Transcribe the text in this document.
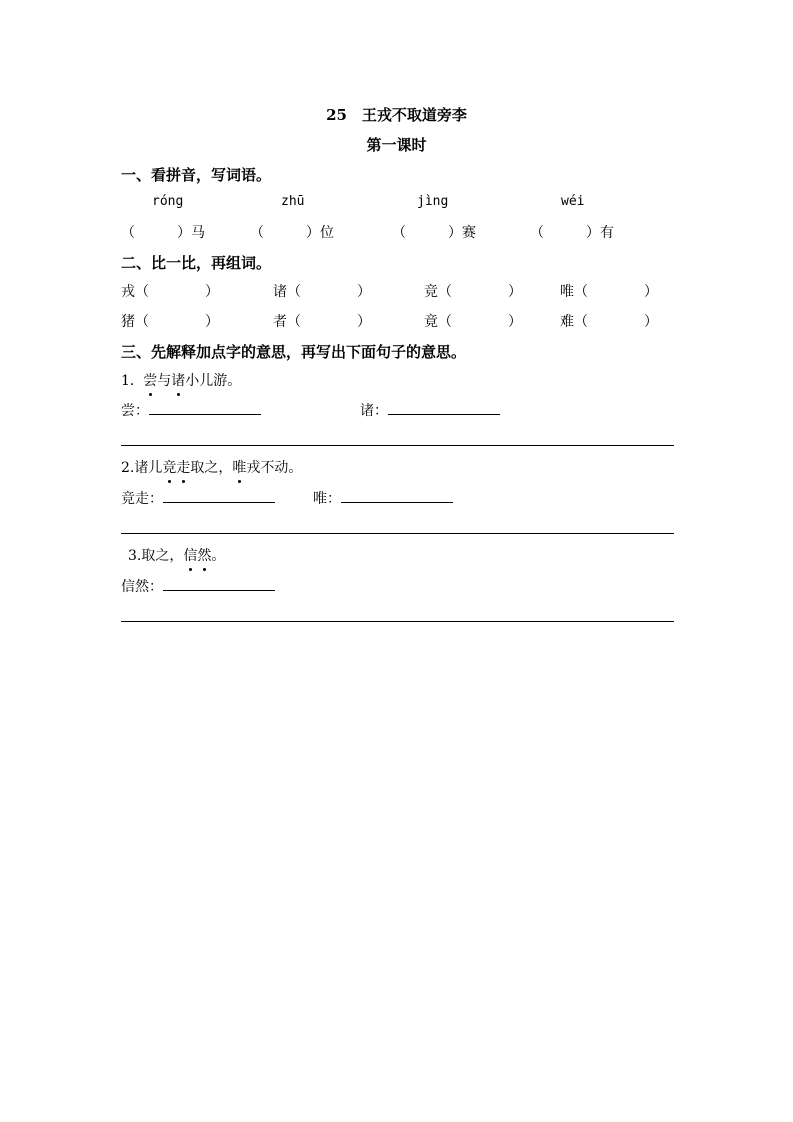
25　王戎不取道旁李
第一课时
一、看拼音，写词语。
róng	zhū	jìng	wéi
（　　　）马	（　　　）位	（　　　）赛	（　　　）有
二、比一比，再组词。
戎（　　　　）	诸（　　　　）	竞（　　　　）	唯（　　　　）
猪（　　　　）	者（　　　　）	竟（　　　　）	难（　　　　）
三、先解释加点字的意思，再写出下面句子的意思。
1. 尝与诸小儿游。
尝：	诸：
2.诸儿竞走取之，唯戎不动。
竞走：	唯：
3.取之，信然。
信然：
